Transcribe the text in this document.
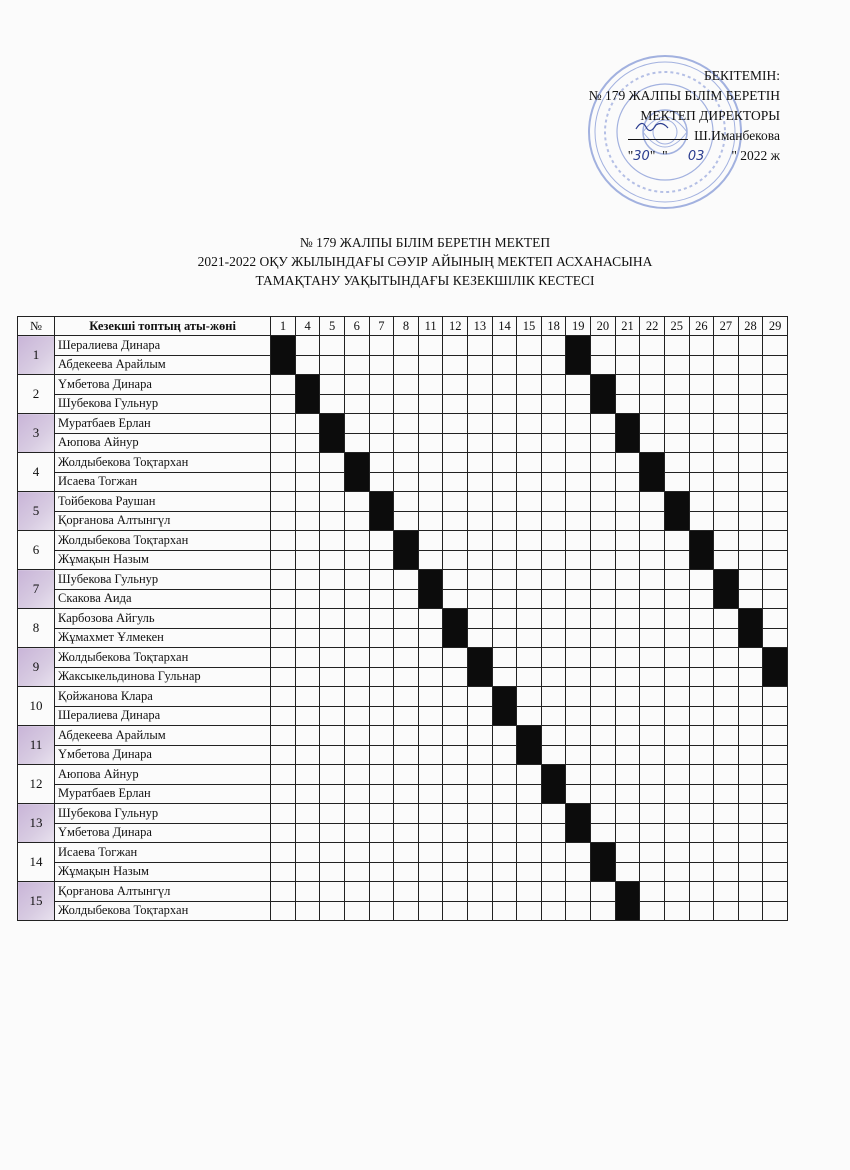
БЕКІТЕМІН:
№ 179 ЖАЛПЫ БІЛІМ БЕРЕТІН
МЕКТЕП ДИРЕКТОРЫ
Ш.Иманбекова
"30"  "      03        " 2022 ж
№ 179 ЖАЛПЫ БІЛІМ БЕРЕТІН МЕКТЕП
2021-2022 ОҚУ ЖЫЛЫНДАҒЫ СӘУІР АЙЫНЫҢ МЕКТЕП АСХАНАСЫНА
ТАМАҚТАНУ УАҚЫТЫНДАҒЫ КЕЗЕКШІЛІК КЕСТЕСІ
№	Кезекші топтың аты-жөні	1	4	5	6	7	8	11	12	13	14	15	18	19	20	21	22	25	26	27	28	29
1	Шералиева Динара																					
	Абдекеева Арайлым																					
2	Үмбетова Динара																					
	Шубекова Гульнур																					
3	Муратбаев Ерлан																					
	Аюпова Айнур																					
4	Жолдыбекова Тоқтархан																					
	Исаева Тогжан																					
5	Тойбекова Раушан																					
	Қорғанова Алтынгүл																					
6	Жолдыбекова Тоқтархан																					
	Жұмақын Назым																					
7	Шубекова Гульнур																					
	Скакова Аида																					
8	Карбозова Айгуль																					
	Жұмахмет Ұлмекен																					
9	Жолдыбекова Тоқтархан																					
	Жаксыкельдинова Гульнар																					
10	Қойжанова Клара																					
	Шералиева Динара																					
11	Абдекеева Арайлым																					
	Үмбетова Динара																					
12	Аюпова Айнур																					
	Муратбаев Ерлан																					
13	Шубекова Гульнур																					
	Үмбетова Динара																					
14	Исаева Тогжан																					
	Жұмақын Назым																					
15	Қорғанова Алтынгүл																					
	Жолдыбекова Тоқтархан																					
